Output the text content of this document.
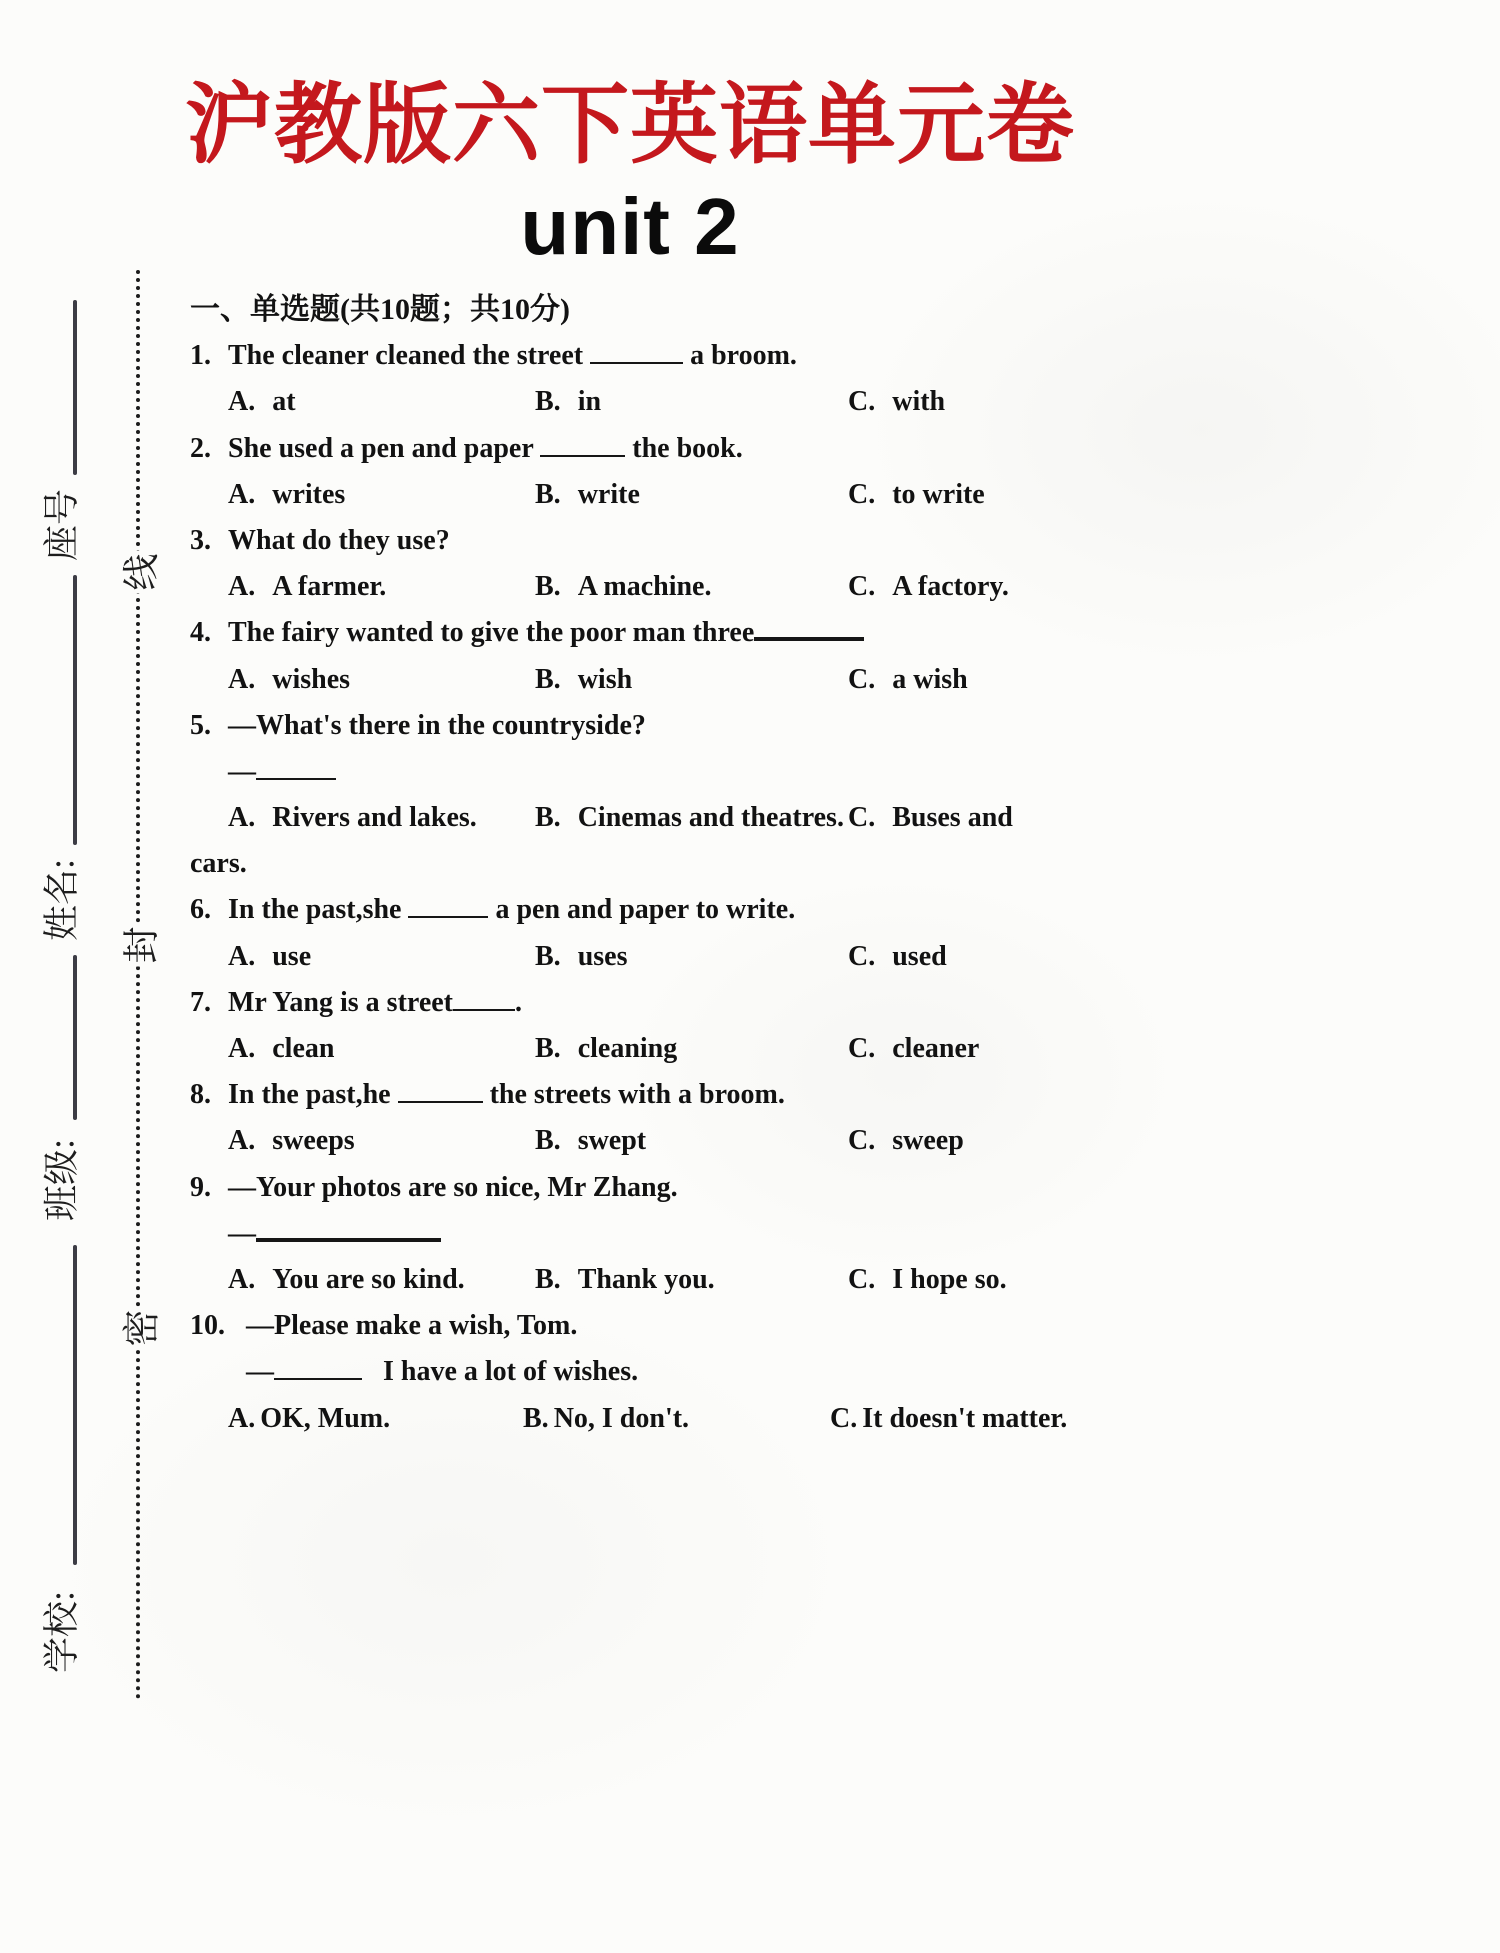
座号
姓名:
班级:
学校:
线
封
密
沪教版六下英语单元卷
unit 2
一、单选题(共10题；共10分)
1. The cleaner cleaned the street	a broom.
A. at	B. in	C. with
2. She used a pen and paper	the book.
A. writes	B. write	C. to write
3. What do they use?
A. A farmer.	B. A machine.	C. A factory.
4. The fairy wanted to give the poor man three
A. wishes	B. wish	C. a wish
5. —What's there in the countryside?
—
A. Rivers and lakes.	B. Cinemas and theatres. C. Buses and
cars.
6. In the past,she	a pen and paper to write.
A. use	B. uses	C. used
7. Mr Yang is a street .
A. clean	B. cleaning	C. cleaner
8. In the past,he	the streets with a broom.
A. sweeps	B. swept	C. sweep
9. —Your photos are so nice, Mr Zhang.
—
A. You are so kind.	B. Thank you.	C. I hope so.
10. —Please make a wish, Tom.
—	I have a lot of wishes.
A. OK, Mum.	B. No, I don't.	C. It doesn't matter.
